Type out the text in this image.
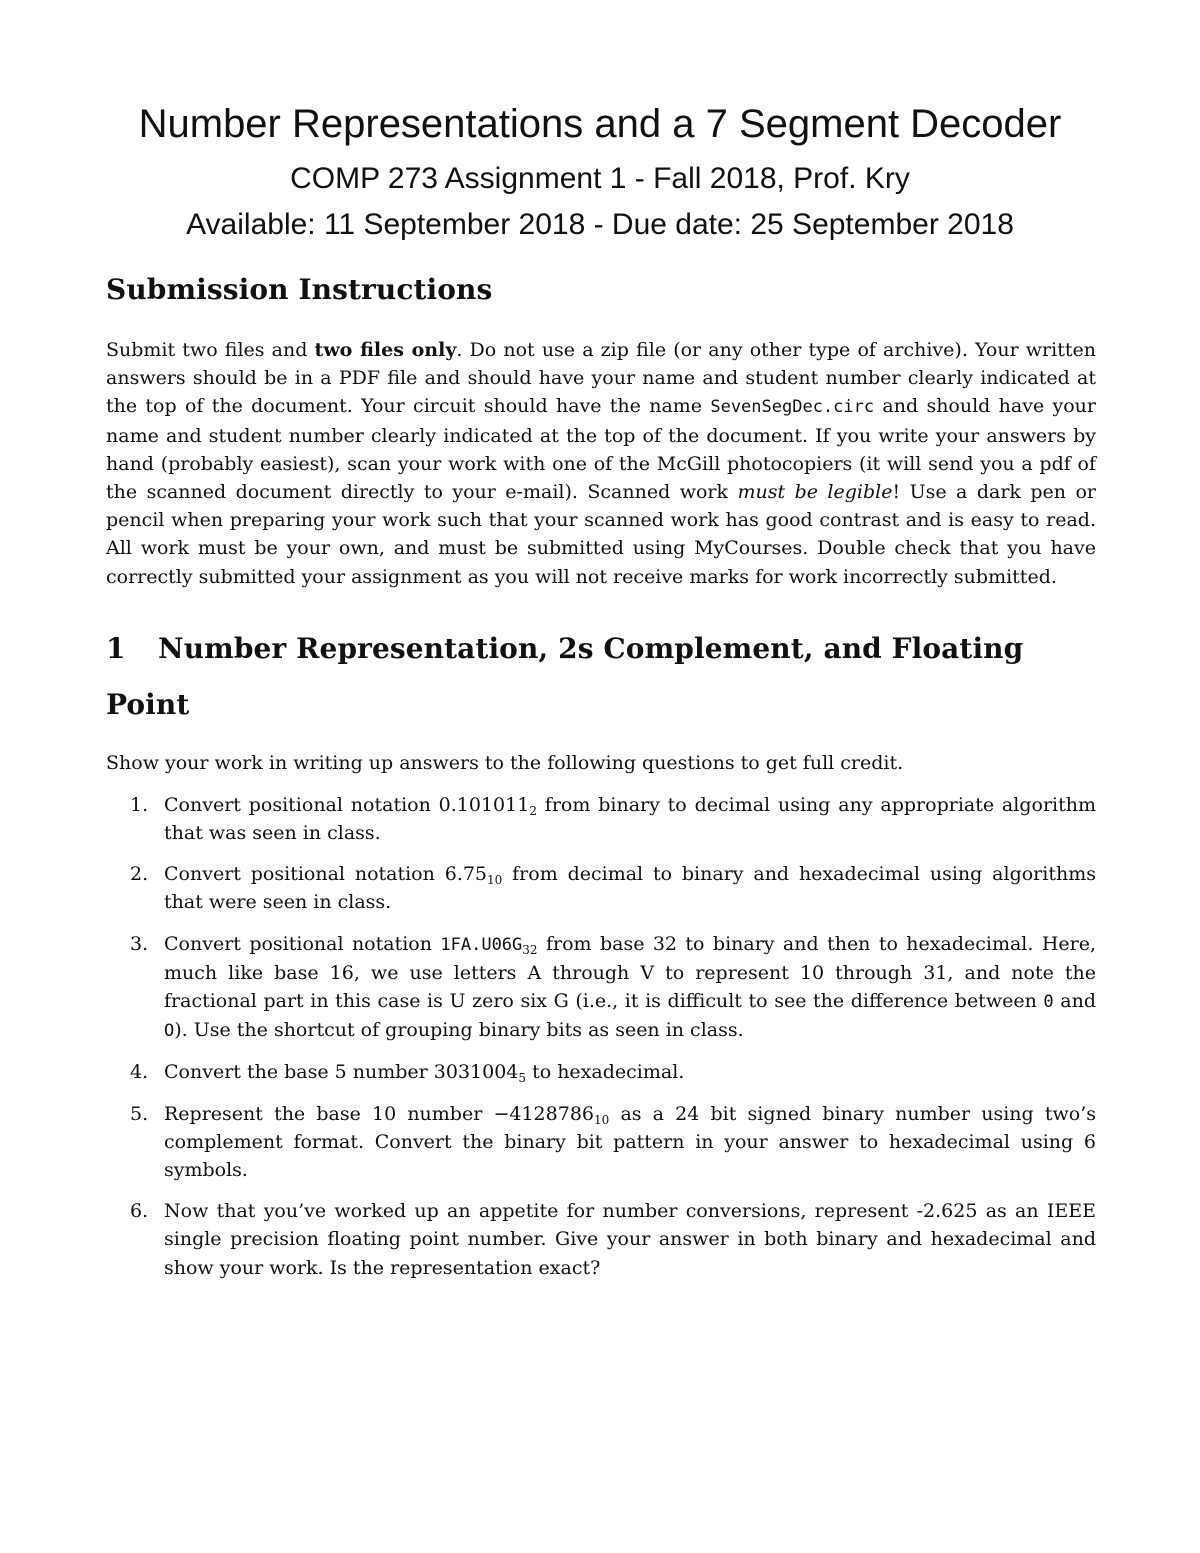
Number Representations and a 7 Segment Decoder
COMP 273 Assignment 1 - Fall 2018, Prof. Kry
Available: 11 September 2018 - Due date: 25 September 2018
Submission Instructions

Submit two files and two files only. Do not use a zip file (or any other type of archive). Your written answers should be in a PDF file and should have your name and student number clearly indicated at the top of the document. Your circuit should have the name SevenSegDec.circ and should have your name and student number clearly indicated at the top of the document. If you write your answers by hand (probably easiest), scan your work with one of the McGill photocopiers (it will send you a pdf of the scanned document directly to your e-mail). Scanned work must be legible! Use a dark pen or pencil when preparing your work such that your scanned work has good contrast and is easy to read. All work must be your own, and must be submitted using MyCourses. Double check that you have correctly submitted your assignment as you will not receive marks for work incorrectly submitted.

1 Number Representation, 2s Complement, and Floating Point

Show your work in writing up answers to the following questions to get full credit.

1. Convert positional notation $0.101011_2$ from binary to decimal using any appropriate algorithm that was seen in class.
2. Convert positional notation $6.75_{10}$ from decimal to binary and hexadecimal using algorithms that were seen in class.
3. Convert positional notation $1FA.U06G_{32}$ from base 32 to binary and then to hexadecimal. Here, much like base 16, we use letters A through V to represent 10 through 31, and note the fractional part in this case is U zero six G (i.e., it is difficult to see the difference between 0 and O). Use the shortcut of grouping binary bits as seen in class.
4. Convert the base 5 number $3031004_5$ to hexadecimal.
5. Represent the base 10 number $-4128786_{10}$ as a 24 bit signed binary number using two’s complement format. Convert the binary bit pattern in your answer to hexadecimal using 6 symbols.
6. Now that you’ve worked up an appetite for number conversions, represent -2.625 as an IEEE single precision floating point number. Give your answer in both binary and hexadecimal and show your work. Is the representation exact?
